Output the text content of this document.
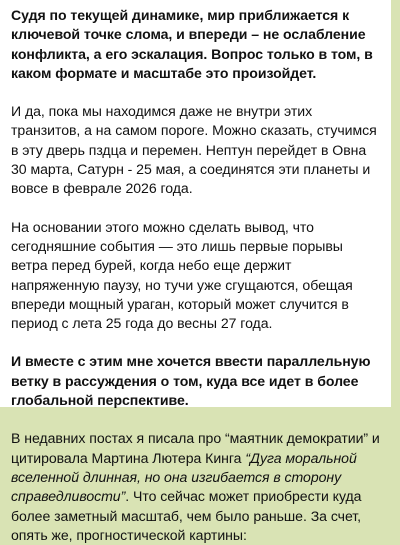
Судя по текущей динамике, мир приближается к ключевой точке слома, и впереди – не ослабление конфликта, а его эскалация. Вопрос только в том, в каком формате и масштабе это произойдет.

И да, пока мы находимся даже не внутри этих транзитов, а на самом пороге. Можно сказать, стучимся в эту дверь пздца и перемен. Нептун перейдет в Овна 30 марта, Сатурн - 25 мая, а соединятся эти планеты и вовсе в феврале 2026 года.

На основании этого можно сделать вывод, что сегодняшние события — это лишь первые порывы ветра перед бурей, когда небо еще держит напряженную паузу, но тучи уже сгущаются, обещая впереди мощный ураган, который может случится в период с лета 25 года до весны 27 года.

И вместе с этим мне хочется ввести параллельную ветку в рассуждения о том, куда все идет в более глобальной перспективе.

В недавних постах я писала про “маятник демократии” и цитировала Мартина Лютера Кинга “Дуга моральной вселенной длинная, но она изгибается в сторону справедливости”. Что сейчас может приобрести куда более заметный масштаб, чем было раньше. За счет, опять же, прогностической картины:
